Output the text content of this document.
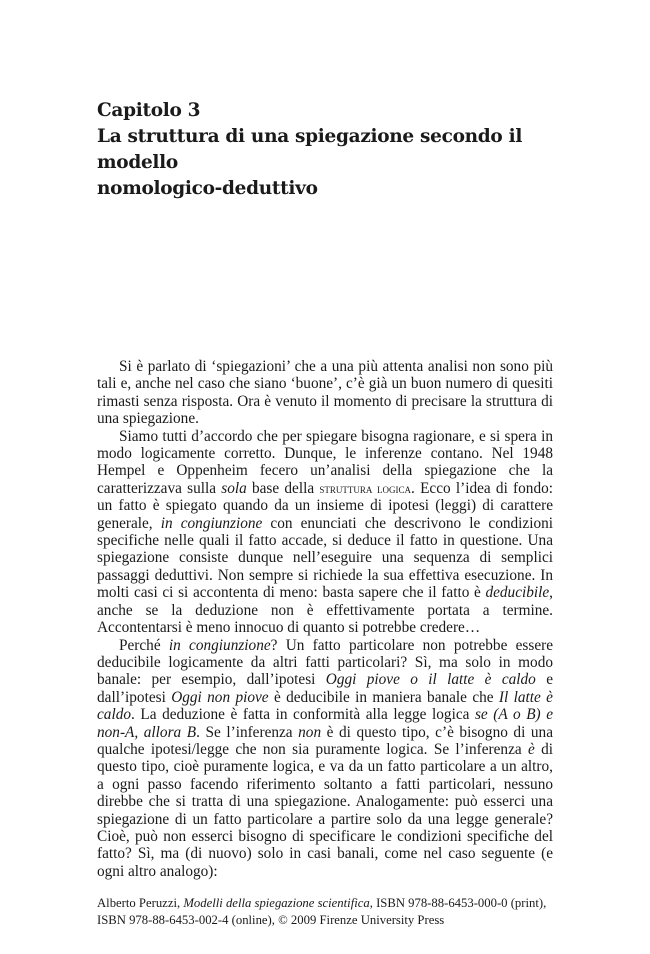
Capitolo 3
La struttura di una spiegazione secondo il modello
nomologico-deduttivo

Si è parlato di ‘spiegazioni’ che a una più attenta analisi non sono più tali e, anche nel caso che siano ‘buone’, c’è già un buon numero di quesiti rimasti senza risposta. Ora è venuto il momento di precisare la struttura di una spiegazione.

Siamo tutti d’accordo che per spiegare bisogna ragionare, e si spera in modo logicamente corretto. Dunque, le inferenze contano. Nel 1948 Hempel e Oppenheim fecero un’analisi della spiegazione che la caratterizzava sulla sola base della struttura logica. Ecco l’idea di fondo: un fatto è spiegato quando da un insieme di ipotesi (leggi) di carattere generale, in congiunzione con enunciati che descrivono le condizioni specifiche nelle quali il fatto accade, si deduce il fatto in questione. Una spiegazione consiste dunque nell’eseguire una sequenza di semplici passaggi deduttivi. Non sempre si richiede la sua effettiva esecuzione. In molti casi ci si accontenta di meno: basta sapere che il fatto è deducibile, anche se la deduzione non è effettivamente portata a termine. Accontentarsi è meno innocuo di quanto si potrebbe credere…

Perché in congiunzione? Un fatto particolare non potrebbe essere deducibile logicamente da altri fatti particolari? Sì, ma solo in modo banale: per esempio, dall’ipotesi Oggi piove o il latte è caldo e dall’ipotesi Oggi non piove è deducibile in maniera banale che Il latte è caldo. La deduzione è fatta in conformità alla legge logica se (A o B) e non-A, allora B. Se l’inferenza non è di questo tipo, c’è bisogno di una qualche ipotesi/legge che non sia puramente logica. Se l’inferenza è di questo tipo, cioè puramente logica, e va da un fatto particolare a un altro, a ogni passo facendo riferimento soltanto a fatti particolari, nessuno direbbe che si tratta di una spiegazione. Analogamente: può esserci una spiegazione di un fatto particolare a partire solo da una legge generale? Cioè, può non esserci bisogno di specificare le condizioni specifiche del fatto? Sì, ma (di nuovo) solo in casi banali, come nel caso seguente (e ogni altro analogo):

Alberto Peruzzi, Modelli della spiegazione scientifica, ISBN 978-88-6453-000-0 (print), ISBN 978-88-6453-002-4 (online), © 2009 Firenze University Press
